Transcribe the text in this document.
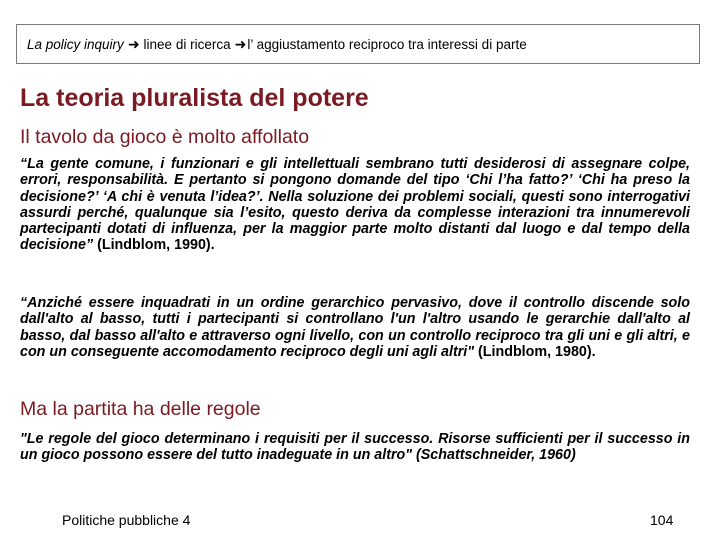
La policy inquiry ➜ linee di ricerca ➜ l’ aggiustamento reciproco tra interessi di parte
La teoria pluralista del potere
Il tavolo da gioco è molto affollato

“La gente comune, i funzionari e gli intellettuali sembrano tutti desiderosi di assegnare colpe, errori, responsabilità. E pertanto si pongono domande del tipo ‘Chi l’ha fatto?’ ‘Chi ha preso la decisione?’ ‘A chi è venuta l’idea?’. Nella soluzione dei problemi sociali, questi sono interrogativi assurdi perché, qualunque sia l’esito, questo deriva da complesse interazioni tra innumerevoli partecipanti dotati di influenza, per la maggior parte molto distanti dal luogo e dal tempo della decisione” (Lindblom, 1990).

“Anziché essere inquadrati in un ordine gerarchico pervasivo, dove il controllo discende solo dall'alto al basso, tutti i partecipanti si controllano l'un l'altro usando le gerarchie dall'alto al basso, dal basso all'alto e attraverso ogni livello, con un controllo reciproco tra gli uni e gli altri, e con un conseguente accomodamento reciproco degli uni agli altri" (Lindblom, 1980).

Ma la partita ha delle regole

"Le regole del gioco determinano i requisiti per il successo. Risorse sufficienti per il successo in un gioco possono essere del tutto inadeguate in un altro" (Schattschneider, 1960)

Politiche pubbliche 4	104
